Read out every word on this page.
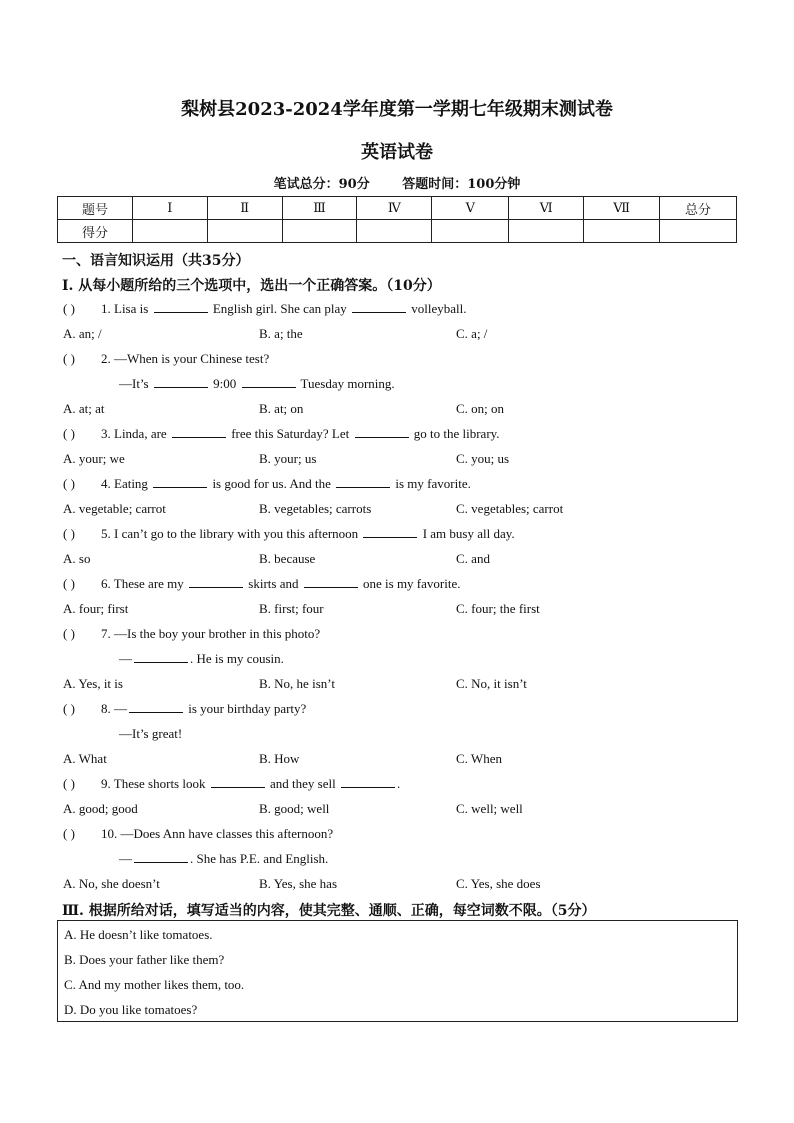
梨树县2023-2024学年度第一学期七年级期末测试卷
英语试卷
笔试总分：90分	答题时间：100分钟
题号	Ⅰ	Ⅱ	Ⅲ	Ⅳ	Ⅴ	Ⅵ	Ⅶ	总分
得分								
一、语言知识运用（共35分）
Ⅰ. 从每小题所给的三个选项中，选出一个正确答案。（10分）
( ) 1. Lisa is	English girl. She can play	volleyball.
A. an; /	B. a; the	C. a; /
( ) 2. —When is your Chinese test?
—It’s	9:00	Tuesday morning.
A. at; at	B. at; on	C. on; on
( ) 3. Linda, are	free this Saturday? Let	go to the library.
A. your; we	B. your; us	C. you; us
( ) 4. Eating	is good for us. And the	is my favorite.
A. vegetable; carrot	B. vegetables; carrots	C. vegetables; carrot
( ) 5. I can’t go to the library with you this afternoon	I am busy all day.
A. so	B. because	C. and
( ) 6. These are my	skirts and	one is my favorite.
A. four; first	B. first; four	C. four; the first
( ) 7. —Is the boy your brother in this photo?
—	. He is my cousin.
A. Yes, it is	B. No, he isn’t	C. No, it isn’t
( ) 8. —	is your birthday party?
—It’s great!
A. What	B. How	C. When
( ) 9. These shorts look	and they sell	.
A. good; good	B. good; well	C. well; well
( ) 10. —Does Ann have classes this afternoon?
—	. She has P.E. and English.
A. No, she doesn’t	B. Yes, she has	C. Yes, she does
Ⅲ. 根据所给对话，填写适当的内容，使其完整、通顺、正确，每空词数不限。（5分）
A. He doesn’t like tomatoes.
B. Does your father like them?
C. And my mother likes them, too.
D. Do you like tomatoes?
